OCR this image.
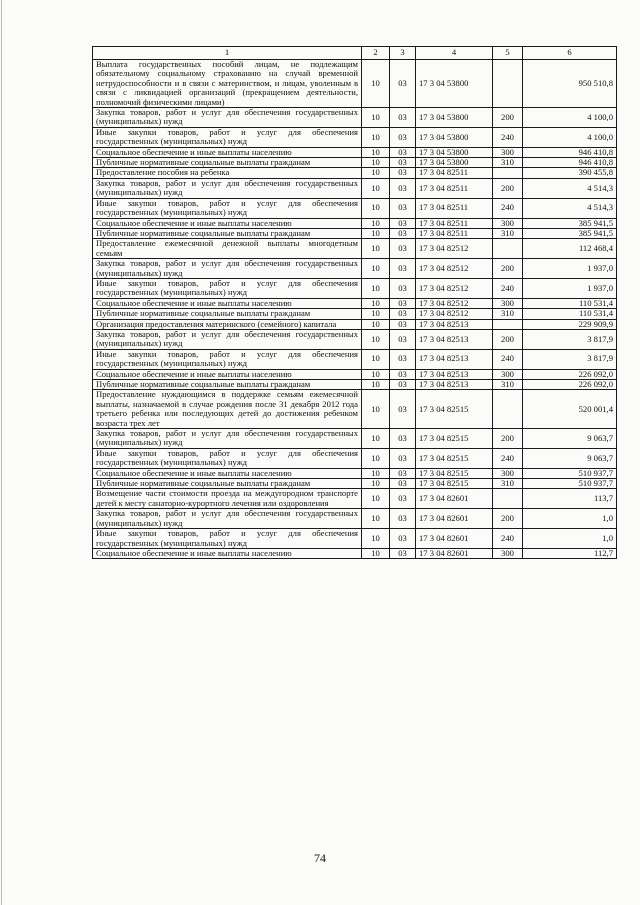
1	2	3	4	5	6
Выплата государственных пособий лицам, не подлежащим обязательному социальному страхованию на случай временной нетрудоспособности и в связи с материнством, и лицам, уволенным в связи с ликвидацией организаций (прекращением деятельности, полномочий физическими лицами)	10	03	17 3 04 53800		950 510,8
Закупка товаров, работ и услуг для обеспечения государственных (муниципальных) нужд	10	03	17 3 04 53800	200	4 100,0
Иные закупки товаров, работ и услуг для обеспечения государственных (муниципальных) нужд	10	03	17 3 04 53800	240	4 100,0
Социальное обеспечение и иные выплаты населению	10	03	17 3 04 53800	300	946 410,8
Публичные нормативные социальные выплаты гражданам	10	03	17 3 04 53800	310	946 410,8
Предоставление пособия на ребенка	10	03	17 3 04 82511		390 455,8
Закупка товаров, работ и услуг для обеспечения государственных (муниципальных) нужд	10	03	17 3 04 82511	200	4 514,3
Иные закупки товаров, работ и услуг для обеспечения государственных (муниципальных) нужд	10	03	17 3 04 82511	240	4 514,3
Социальное обеспечение и иные выплаты населению	10	03	17 3 04 82511	300	385 941,5
Публичные нормативные социальные выплаты гражданам	10	03	17 3 04 82511	310	385 941,5
Предоставление ежемесячной денежной выплаты многодетным семьям	10	03	17 3 04 82512		112 468,4
Закупка товаров, работ и услуг для обеспечения государственных (муниципальных) нужд	10	03	17 3 04 82512	200	1 937,0
Иные закупки товаров, работ и услуг для обеспечения государственных (муниципальных) нужд	10	03	17 3 04 82512	240	1 937,0
Социальное обеспечение и иные выплаты населению	10	03	17 3 04 82512	300	110 531,4
Публичные нормативные социальные выплаты гражданам	10	03	17 3 04 82512	310	110 531,4
Организация предоставления материнского (семейного) капитала	10	03	17 3 04 82513		229 909,9
Закупка товаров, работ и услуг для обеспечения государственных (муниципальных) нужд	10	03	17 3 04 82513	200	3 817,9
Иные закупки товаров, работ и услуг для обеспечения государственных (муниципальных) нужд	10	03	17 3 04 82513	240	3 817,9
Социальное обеспечение и иные выплаты населению	10	03	17 3 04 82513	300	226 092,0
Публичные нормативные социальные выплаты гражданам	10	03	17 3 04 82513	310	226 092,0
Предоставление нуждающимся в поддержке семьям ежемесячной выплаты, назначаемой в случае рождения после 31 декабря 2012 года третьего ребенка или последующих детей до достижения ребенком возраста трех лет	10	03	17 3 04 82515		520 001,4
Закупка товаров, работ и услуг для обеспечения государственных (муниципальных) нужд	10	03	17 3 04 82515	200	9 063,7
Иные закупки товаров, работ и услуг для обеспечения государственных (муниципальных) нужд	10	03	17 3 04 82515	240	9 063,7
Социальное обеспечение и иные выплаты населению	10	03	17 3 04 82515	300	510 937,7
Публичные нормативные социальные выплаты гражданам	10	03	17 3 04 82515	310	510 937,7
Возмещение части стоимости проезда на междугородном транспорте детей к месту санаторно-курортного лечения или оздоровления	10	03	17 3 04 82601		113,7
Закупка товаров, работ и услуг для обеспечения государственных (муниципальных) нужд	10	03	17 3 04 82601	200	1,0
Иные закупки товаров, работ и услуг для обеспечения государственных (муниципальных) нужд	10	03	17 3 04 82601	240	1,0
Социальное обеспечение и иные выплаты населению	10	03	17 3 04 82601	300	112,7
74
